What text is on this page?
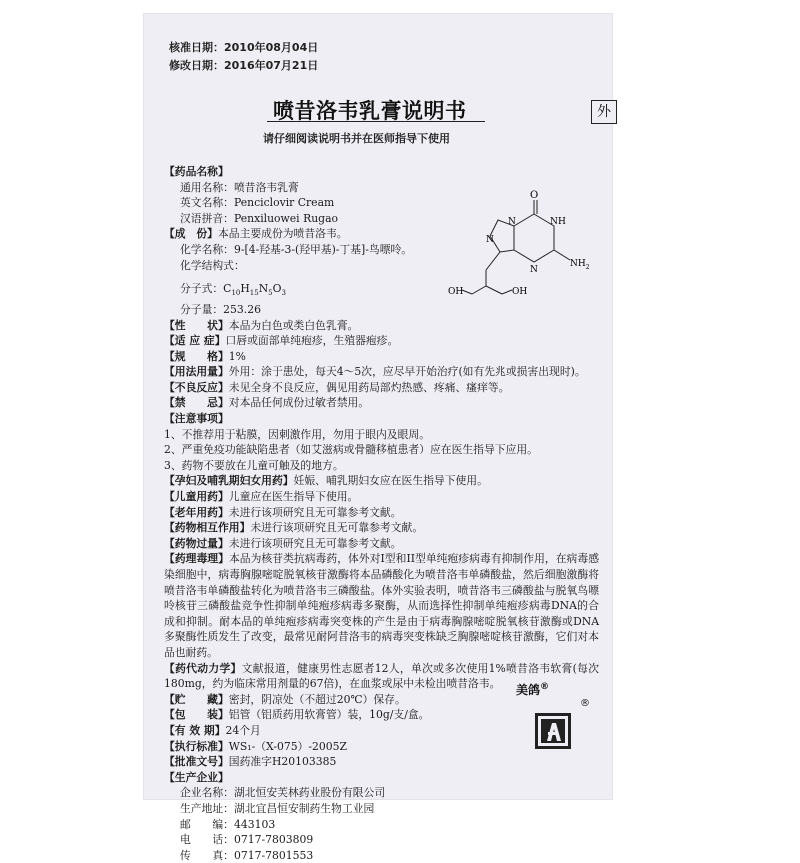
核准日期：2010年08月04日
修改日期：2016年07月21日
喷昔洛韦乳膏说明书	外
请仔细阅读说明书并在医师指导下使用
【药品名称】
通用名称：喷昔洛韦乳膏
英文名称：Penciclovir Cream
汉语拼音：Penxiluowei Rugao
【成　份】本品主要成份为喷昔洛韦。
化学名称：9-[4-羟基-3-(羟甲基)-丁基]-鸟嘌呤。
化学结构式：
分子式：$C_{10}H_{15}N_5O_3$
分子量：253.26
【性　　状】本品为白色或类白色乳膏。
【适 应 症】口唇或面部单纯疱疹，生殖器疱疹。
【规　　格】1%
【用法用量】外用：涂于患处，每天4～5次，应尽早开始治疗(如有先兆或损害出现时)。
【不良反应】未见全身不良反应，偶见用药局部灼热感、疼痛、瘙痒等。
【禁　　忌】对本品任何成份过敏者禁用。
【注意事项】
1、不推荐用于粘膜，因刺激作用，勿用于眼内及眼周。
2、严重免疫功能缺陷患者（如艾滋病或骨髓移植患者）应在医生指导下应用。
3、药物不要放在儿童可触及的地方。
【孕妇及哺乳期妇女用药】妊娠、哺乳期妇女应在医生指导下使用。
【儿童用药】儿童应在医生指导下使用。
【老年用药】未进行该项研究且无可靠参考文献。
【药物相互作用】未进行该项研究且无可靠参考文献。
【药物过量】未进行该项研究且无可靠参考文献。
【药理毒理】本品为核苷类抗病毒药，体外对I型和II型单纯疱疹病毒有抑制作用，在病毒感染细胞中，病毒胸腺嘧啶脱氧核苷激酶将本品磷酸化为喷昔洛韦单磷酸盐，然后细胞激酶将喷昔洛韦单磷酸盐转化为喷昔洛韦三磷酸盐。体外实验表明，喷昔洛韦三磷酸盐与脱氧鸟嘌呤核苷三磷酸盐竞争性抑制单纯疱疹病毒多聚酶，从而选择性抑制单纯疱疹病毒DNA的合成和抑制。耐本品的单纯疱疹病毒突变株的产生是由于病毒胸腺嘧啶脱氧核苷激酶或DNA多聚酶性质发生了改变，最常见耐阿昔洛韦的病毒突变株缺乏胸腺嘧啶核苷激酶，它们对本品也耐药。
【药代动力学】文献报道，健康男性志愿者12人，单次或多次使用1%喷昔洛韦软膏(每次180mg，约为临床常用剂量的67倍)，在血浆或尿中未检出喷昔洛韦。
【贮　　藏】密封，阴凉处（不超过20℃）保存。
【包　　装】铝管（铝质药用软膏管）装，10g/支/盒。
【有 效 期】24个月
【执行标准】WS₁-（X-075）-2005Z
【批准文号】国药准字H20103385
【生产企业】
企业名称：湖北恒安芙林药业股份有限公司
生产地址：湖北宜昌恒安制药生物工业园
邮　　编：443103
电　　话：0717-7803809
传　　真：0717-7801553
O
N H
N
$NH_2$
N
N
OH	OH
美鸽®
®
